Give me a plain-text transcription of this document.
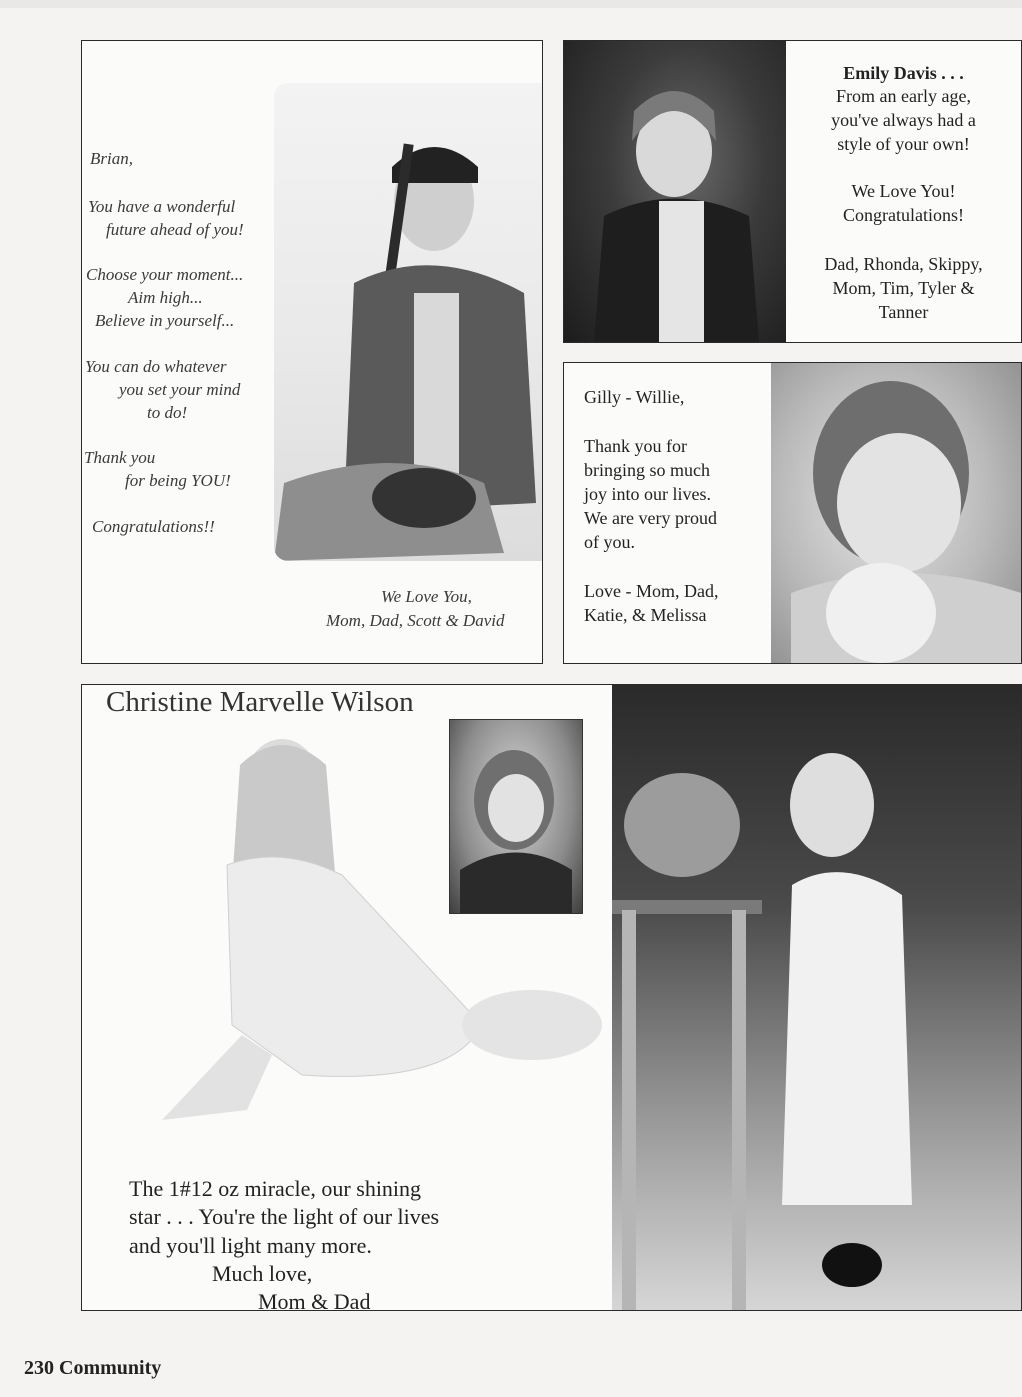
Brian,
You have a wonderful
future ahead of you!
Choose your moment...
Aim high...
Believe in yourself...
You can do whatever
you set your mind
to do!
Thank you
for being YOU!
Congratulations!!
We Love You,
Mom, Dad, Scott & David
Emily Davis . . .
From an early age,
you've always had a
style of your own!
We Love You!
Congratulations!
Dad, Rhonda, Skippy,
Mom, Tim, Tyler &
Tanner
Gilly - Willie,
Thank you for
bringing so much
joy into our lives.
We are very proud
of you.
Love - Mom, Dad,
Katie, & Melissa
Christine Marvelle Wilson
The 1#12 oz miracle, our shining
star . . . You're the light of our lives
and you'll light many more.
Much love,
Mom & Dad
230 Community
